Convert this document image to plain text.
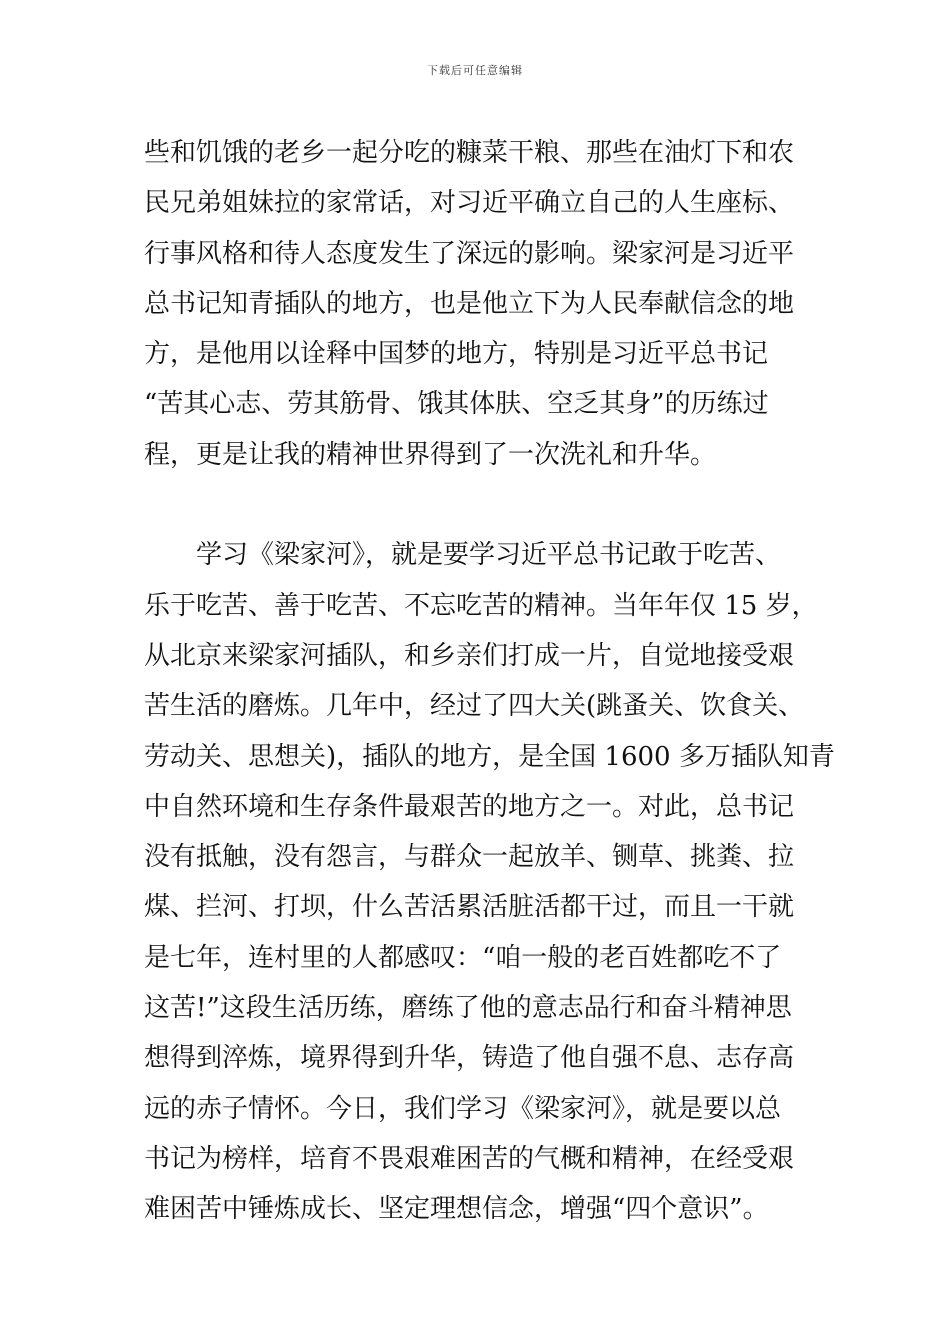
下载后可任意编辑
些和饥饿的老乡一起分吃的糠菜干粮、那些在油灯下和农
民兄弟姐妹拉的家常话，对习近平确立自己的人生座标、
行事风格和待人态度发生了深远的影响。梁家河是习近平
总书记知青插队的地方，也是他立下为人民奉献信念的地
方，是他用以诠释中国梦的地方，特别是习近平总书记
“苦其心志、劳其筋骨、饿其体肤、空乏其身”的历练过
程，更是让我的精神世界得到了一次洗礼和升华。
　　学习《梁家河》，就是要学习近平总书记敢于吃苦、
乐于吃苦、善于吃苦、不忘吃苦的精神。当年年仅 15 岁，
从北京来梁家河插队，和乡亲们打成一片，自觉地接受艰
苦生活的磨炼。几年中，经过了四大关(跳蚤关、饮食关、
劳动关、思想关)，插队的地方，是全国 1600 多万插队知青
中自然环境和生存条件最艰苦的地方之一。对此，总书记
没有抵触，没有怨言，与群众一起放羊、铡草、挑粪、拉
煤、拦河、打坝，什么苦活累活脏活都干过，而且一干就
是七年，连村里的人都感叹：“咱一般的老百姓都吃不了
这苦!”这段生活历练，磨练了他的意志品行和奋斗精神思
想得到淬炼，境界得到升华，铸造了他自强不息、志存高
远的赤子情怀。今日，我们学习《梁家河》，就是要以总
书记为榜样，培育不畏艰难困苦的气概和精神，在经受艰
难困苦中锤炼成长、坚定理想信念，增强“四个意识”。
